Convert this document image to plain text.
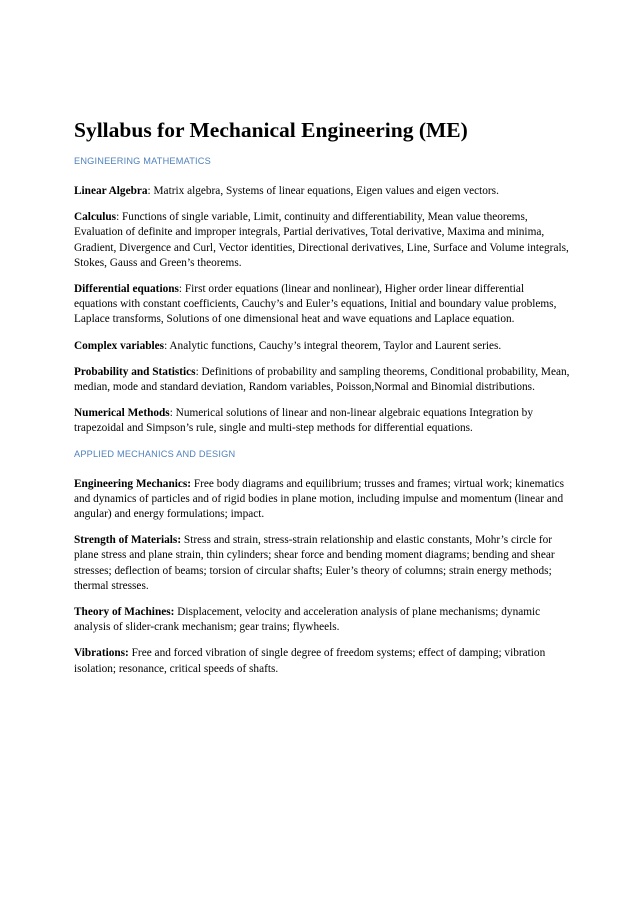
Syllabus for Mechanical Engineering (ME)
ENGINEERING MATHEMATICS

Linear Algebra: Matrix algebra, Systems of linear equations, Eigen values and eigen vectors.

Calculus: Functions of single variable, Limit, continuity and differentiability, Mean value theorems, Evaluation of definite and improper integrals, Partial derivatives, Total derivative, Maxima and minima, Gradient, Divergence and Curl, Vector identities, Directional derivatives, Line, Surface and Volume integrals, Stokes, Gauss and Green’s theorems.

Differential equations: First order equations (linear and nonlinear), Higher order linear differential equations with constant coefficients, Cauchy’s and Euler’s equations, Initial and boundary value problems, Laplace transforms, Solutions of one dimensional heat and wave equations and Laplace equation.

Complex variables: Analytic functions, Cauchy’s integral theorem, Taylor and Laurent series.

Probability and Statistics: Definitions of probability and sampling theorems, Conditional probability, Mean, median, mode and standard deviation, Random variables, Poisson,Normal and Binomial distributions.

Numerical Methods: Numerical solutions of linear and non-linear algebraic equations Integration by trapezoidal and Simpson’s rule, single and multi-step methods for differential equations.

APPLIED MECHANICS AND DESIGN

Engineering Mechanics: Free body diagrams and equilibrium; trusses and frames; virtual work; kinematics and dynamics of particles and of rigid bodies in plane motion, including impulse and momentum (linear and angular) and energy formulations; impact.

Strength of Materials: Stress and strain, stress-strain relationship and elastic constants, Mohr’s circle for plane stress and plane strain, thin cylinders; shear force and bending moment diagrams; bending and shear stresses; deflection of beams; torsion of circular shafts; Euler’s theory of columns; strain energy methods; thermal stresses.

Theory of Machines: Displacement, velocity and acceleration analysis of plane mechanisms; dynamic analysis of slider-crank mechanism; gear trains; flywheels.

Vibrations: Free and forced vibration of single degree of freedom systems; effect of damping; vibration isolation; resonance, critical speeds of shafts.
